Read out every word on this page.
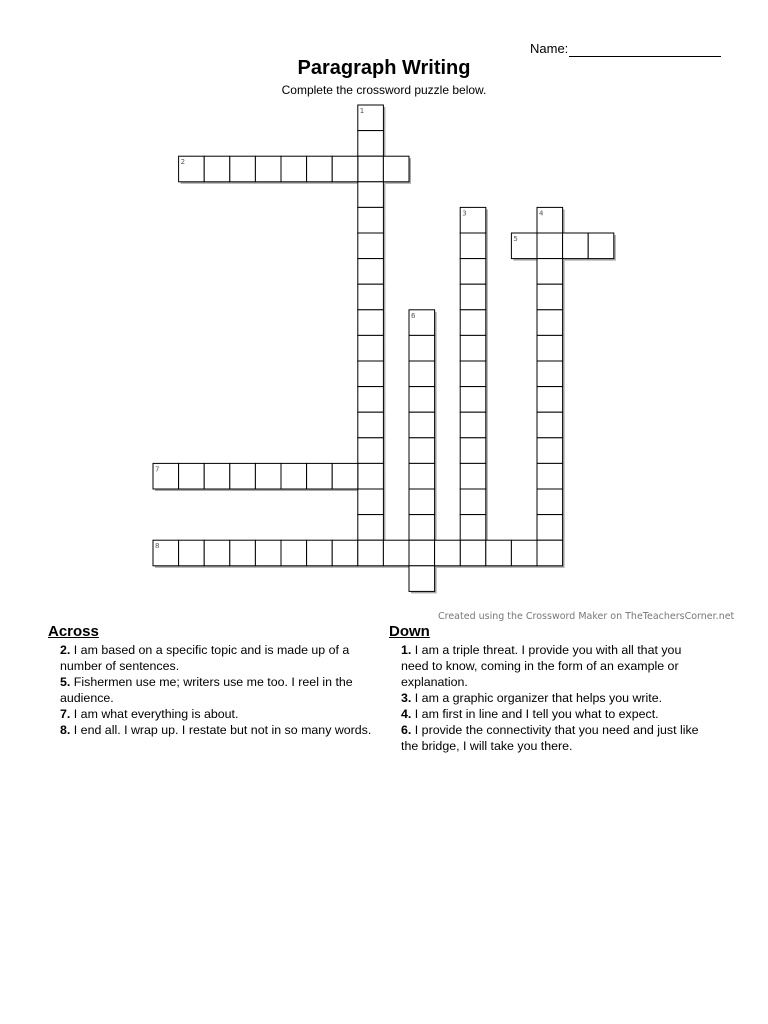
Name:
Paragraph Writing
Complete the crossword puzzle below.
1
2
3	4
5
6
7
8
Created using the Crossword Maker on TheTeachersCorner.net
Across

2. I am based on a specific topic and is made up of a number of sentences.

5. Fishermen use me; writers use me too. I reel in the audience.

7. I am what everything is about.

8. I end all. I wrap up. I restate but not in so many words.

Down

1. I am a triple threat. I provide you with all that you need to know, coming in the form of an example or explanation.

3. I am a graphic organizer that helps you write.

4. I am first in line and I tell you what to expect.

6. I provide the connectivity that you need and just like the bridge, I will take you there.
